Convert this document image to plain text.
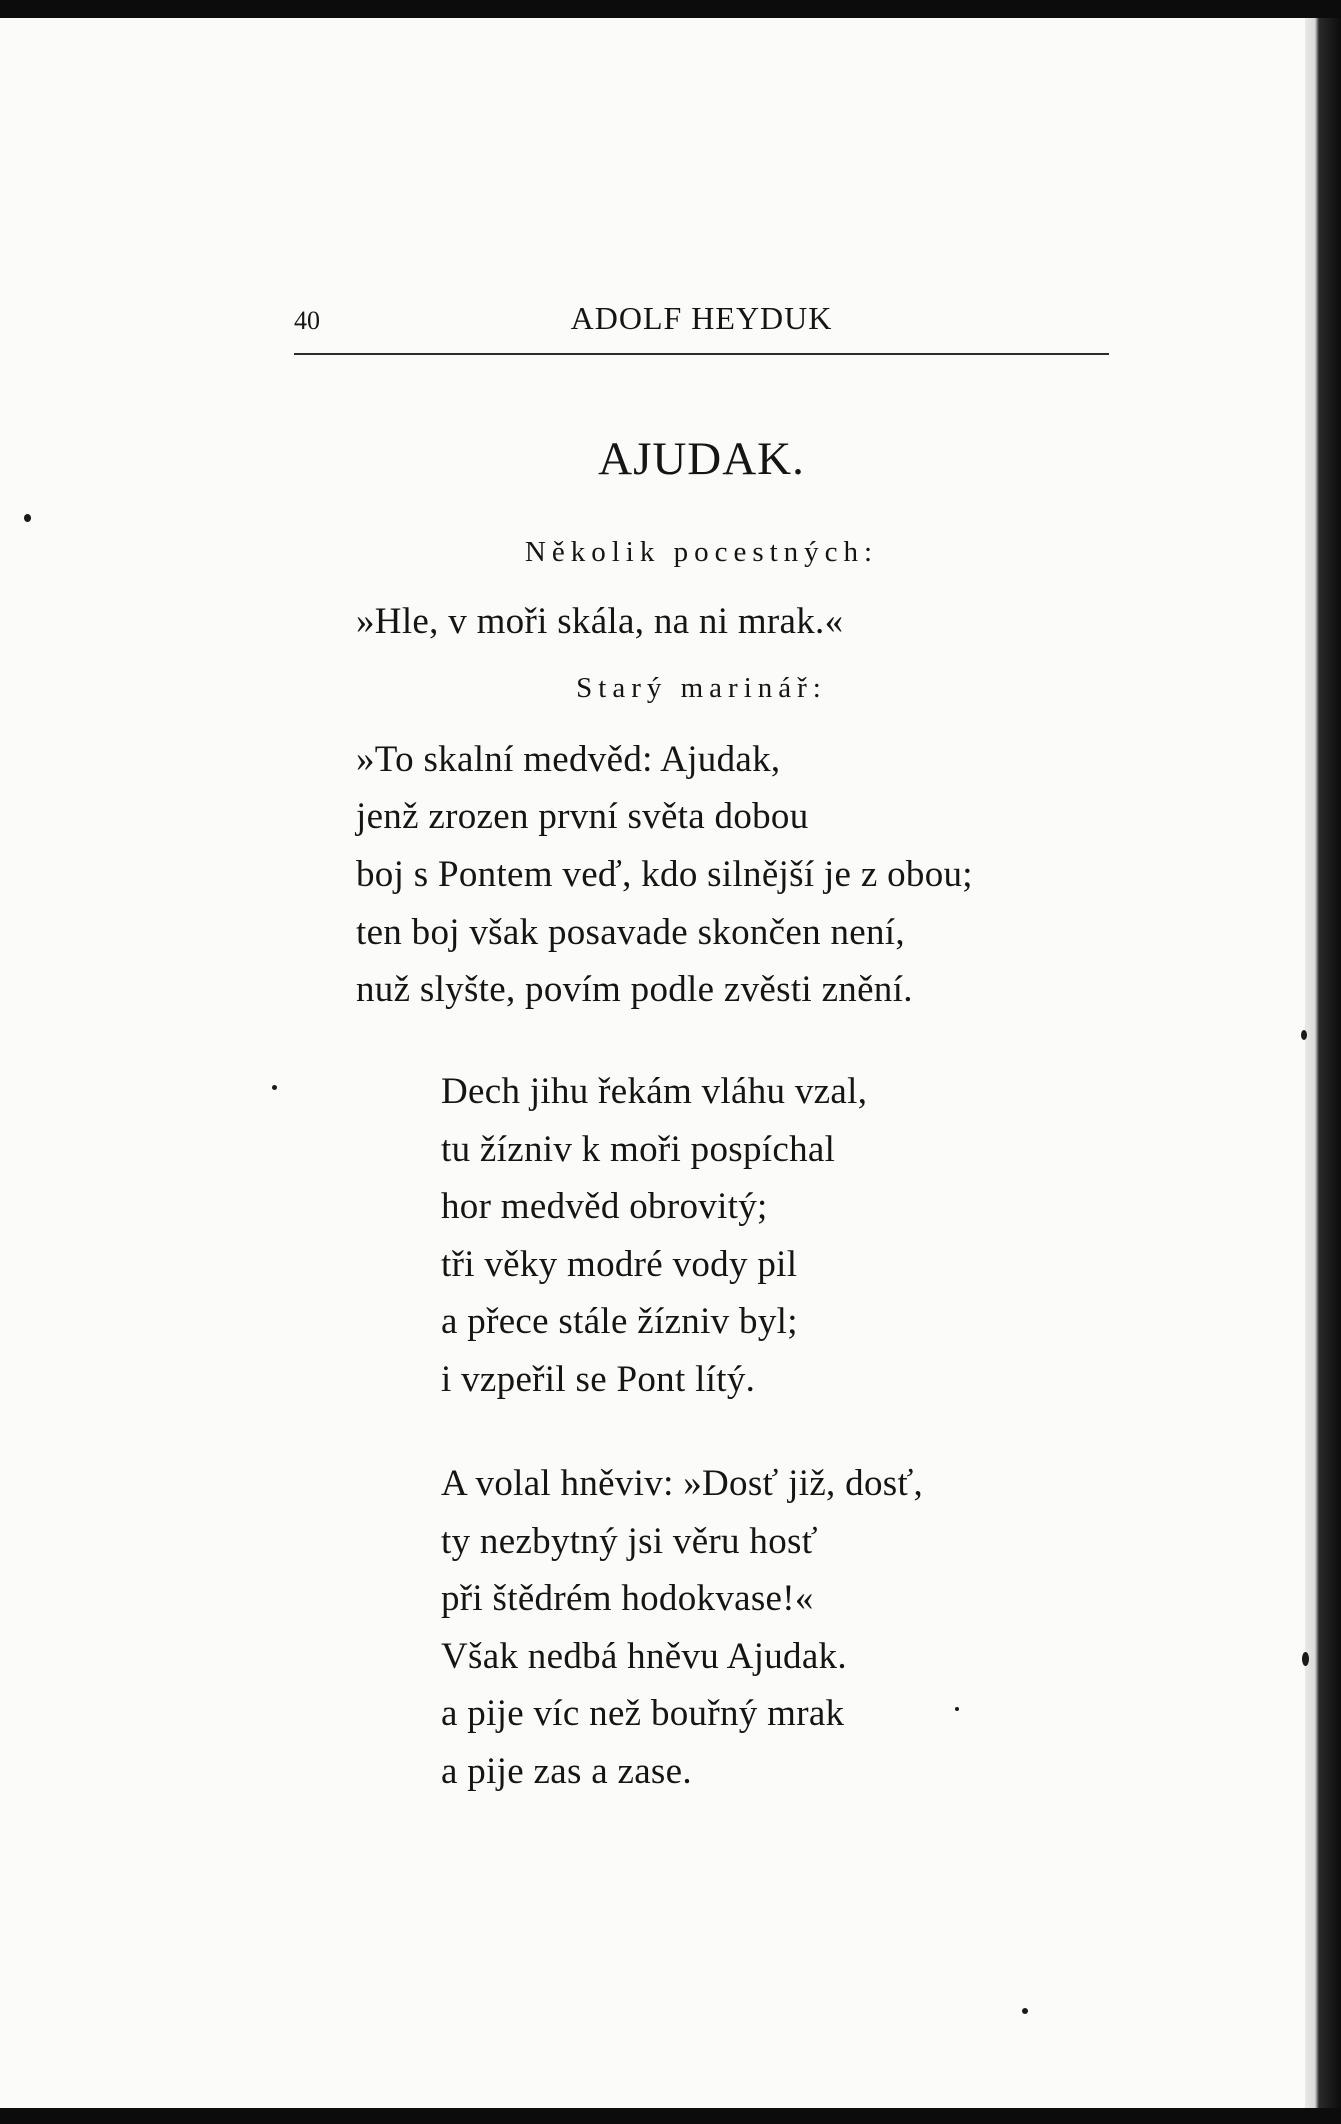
40	ADOLF HEYDUK
AJUDAK.
Několik pocestných:
»Hle, v moři skála, na ni mrak.«
Starý marinář:
»To skalní medvěd: Ajudak,
jenž zrozen první světa dobou
boj s Pontem veď, kdo silnější je z obou;
ten boj však posavade skončen není,
nuž slyšte, povím podle zvěsti znění.
Dech jihu řekám vláhu vzal,
tu žízniv k moři pospíchal
hor medvěd obrovitý;
tři věky modré vody pil
a přece stále žízniv byl;
i vzpeřil se Pont lítý.
A volal hněviv: »Dosť již, dosť,
ty nezbytný jsi věru hosť
při štědrém hodokvase!«
Však nedbá hněvu Ajudak.
a pije víc než bouřný mrak
a pije zas a zase.
